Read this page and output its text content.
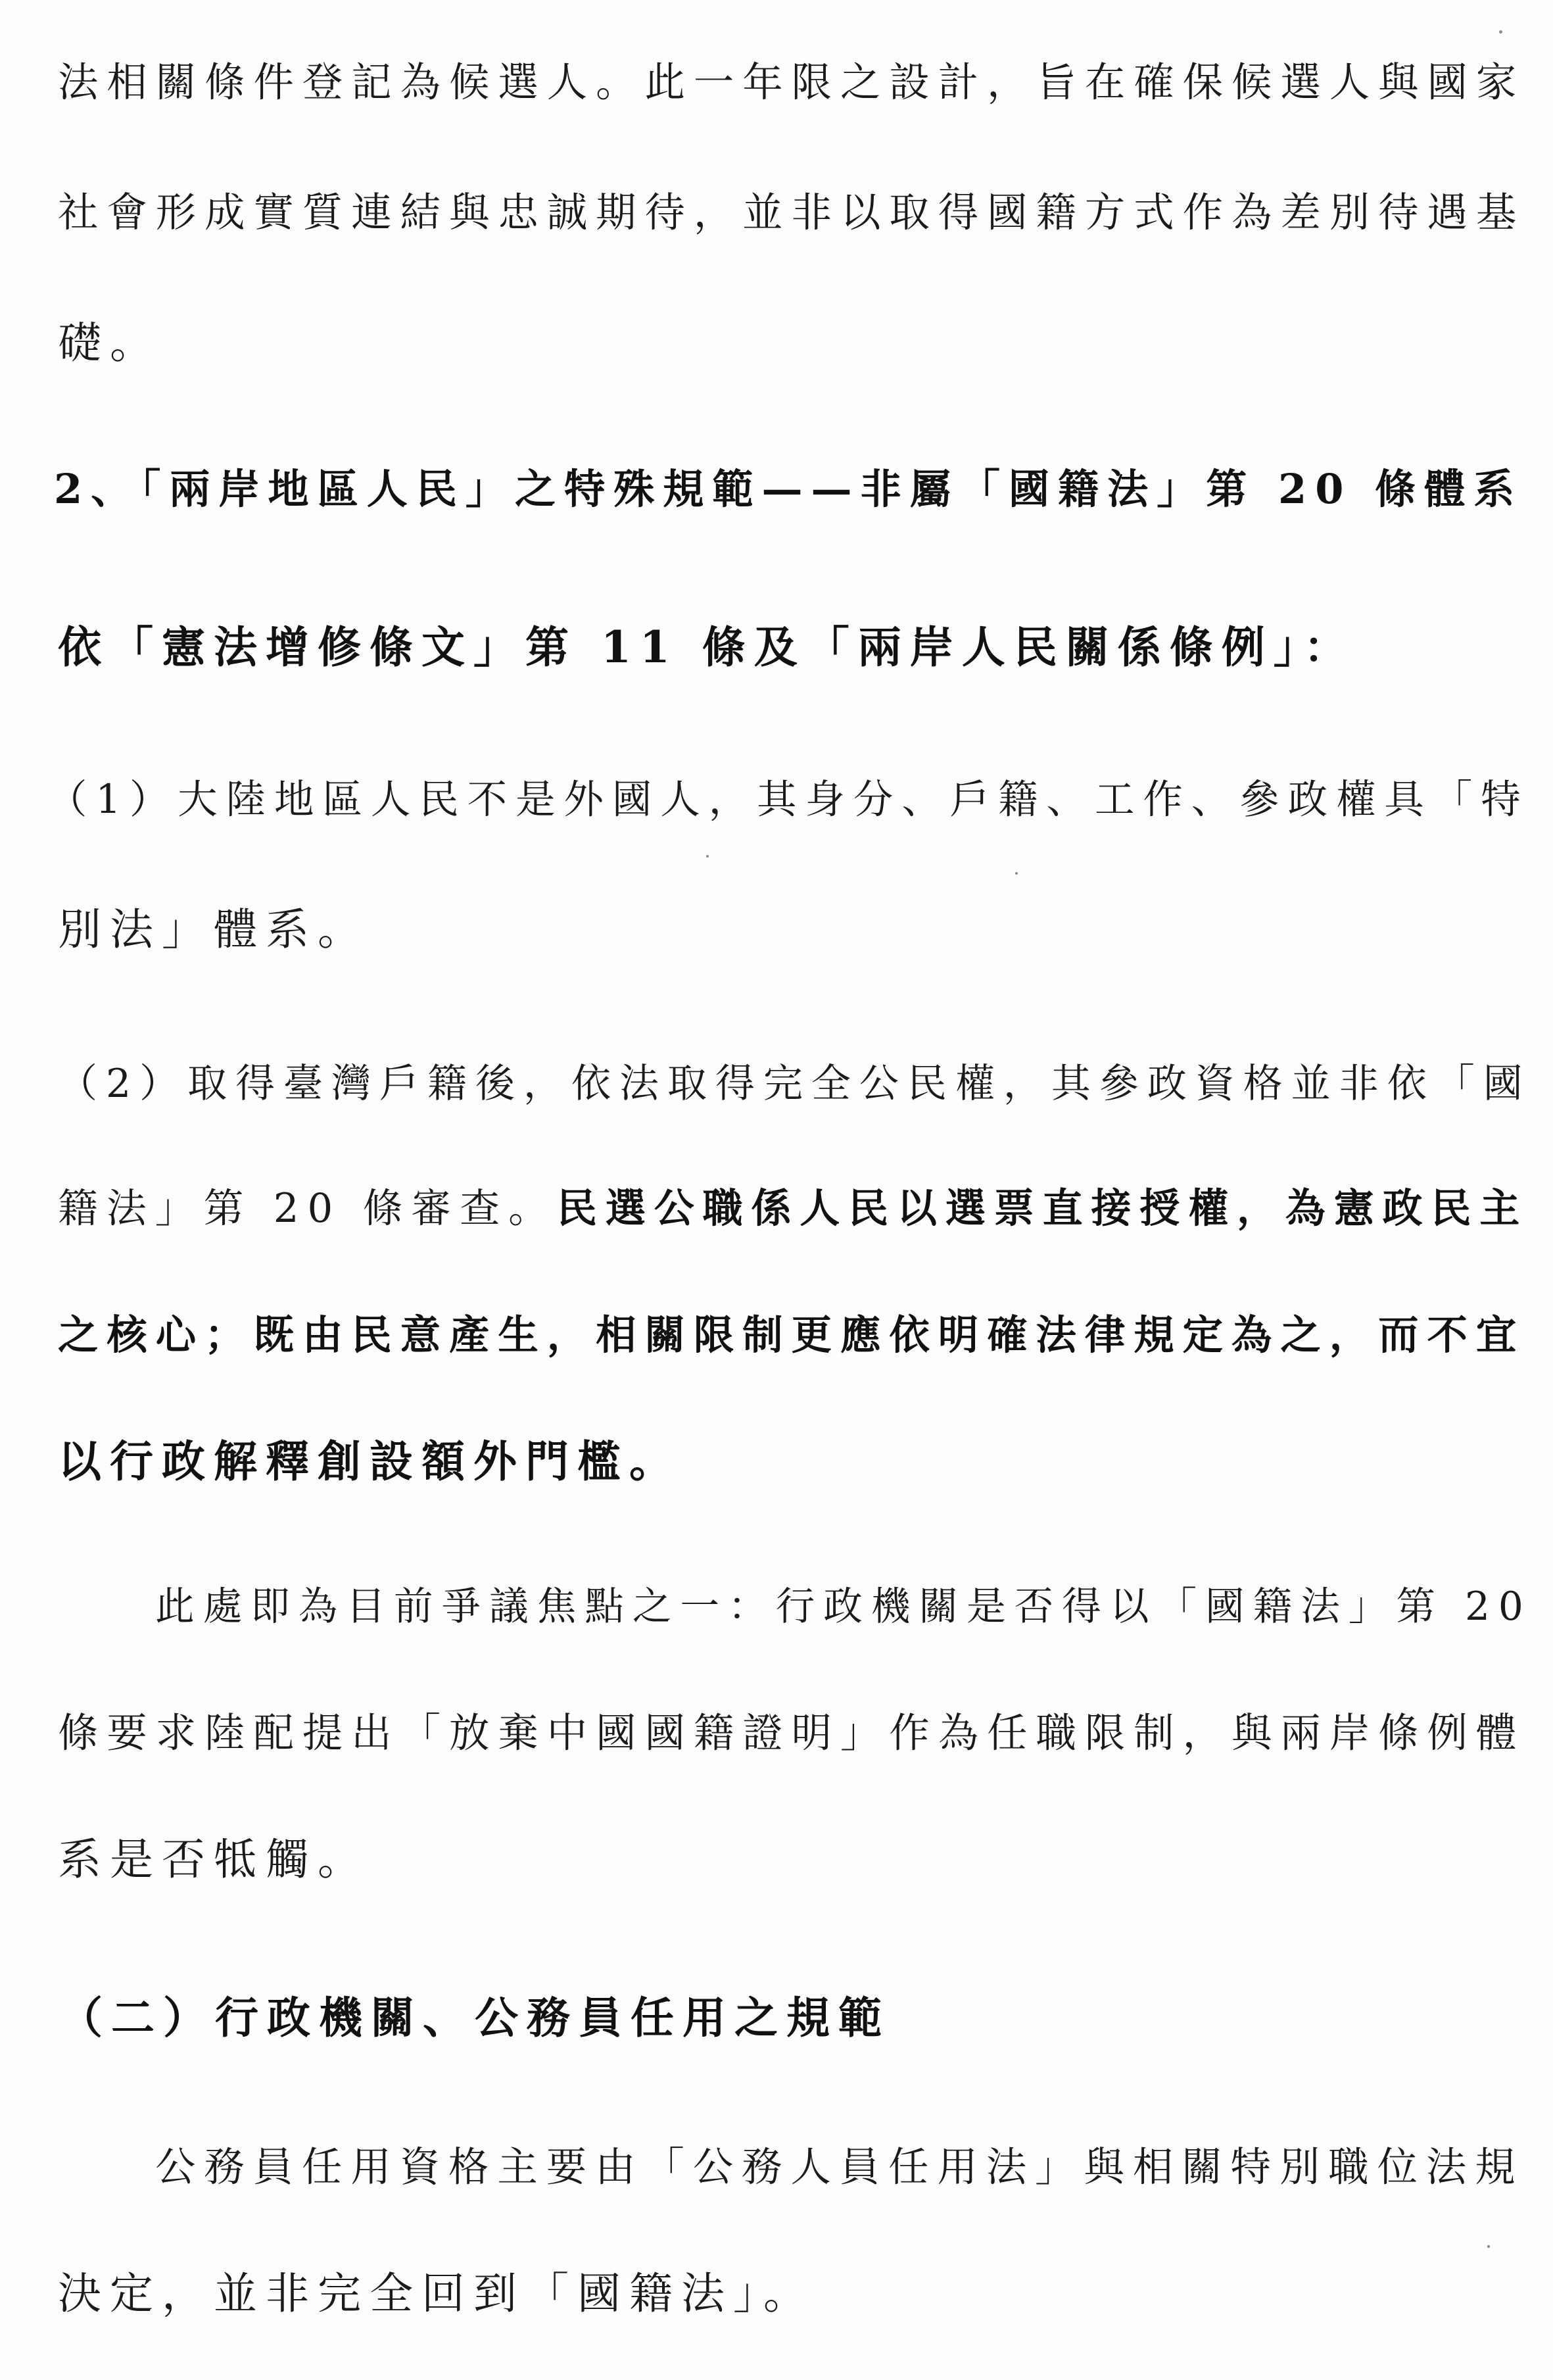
法相關條件登記為候選人。此一年限之設計，旨在確保候選人與國家
社會形成實質連結與忠誠期待，並非以取得國籍方式作為差別待遇基
礎。
2、「兩岸地區人民」之特殊規範——非屬「國籍法」第 20 條體系
依「憲法增修條文」第 11 條及「兩岸人民關係條例」：
（1）大陸地區人民不是外國人，其身分、戶籍、工作、參政權具「特
別法」體系。
（2）取得臺灣戶籍後，依法取得完全公民權，其參政資格並非依「國
籍法」第 20 條審查。民選公職係人民以選票直接授權，為憲政民主
之核心；既由民意產生，相關限制更應依明確法律規定為之，而不宜
以行政解釋創設額外門檻。
此處即為目前爭議焦點之一：行政機關是否得以「國籍法」第 20
條要求陸配提出「放棄中國國籍證明」作為任職限制，與兩岸條例體
系是否牴觸。
（二）行政機關、公務員任用之規範
公務員任用資格主要由「公務人員任用法」與相關特別職位法規
決定，並非完全回到「國籍法」。
